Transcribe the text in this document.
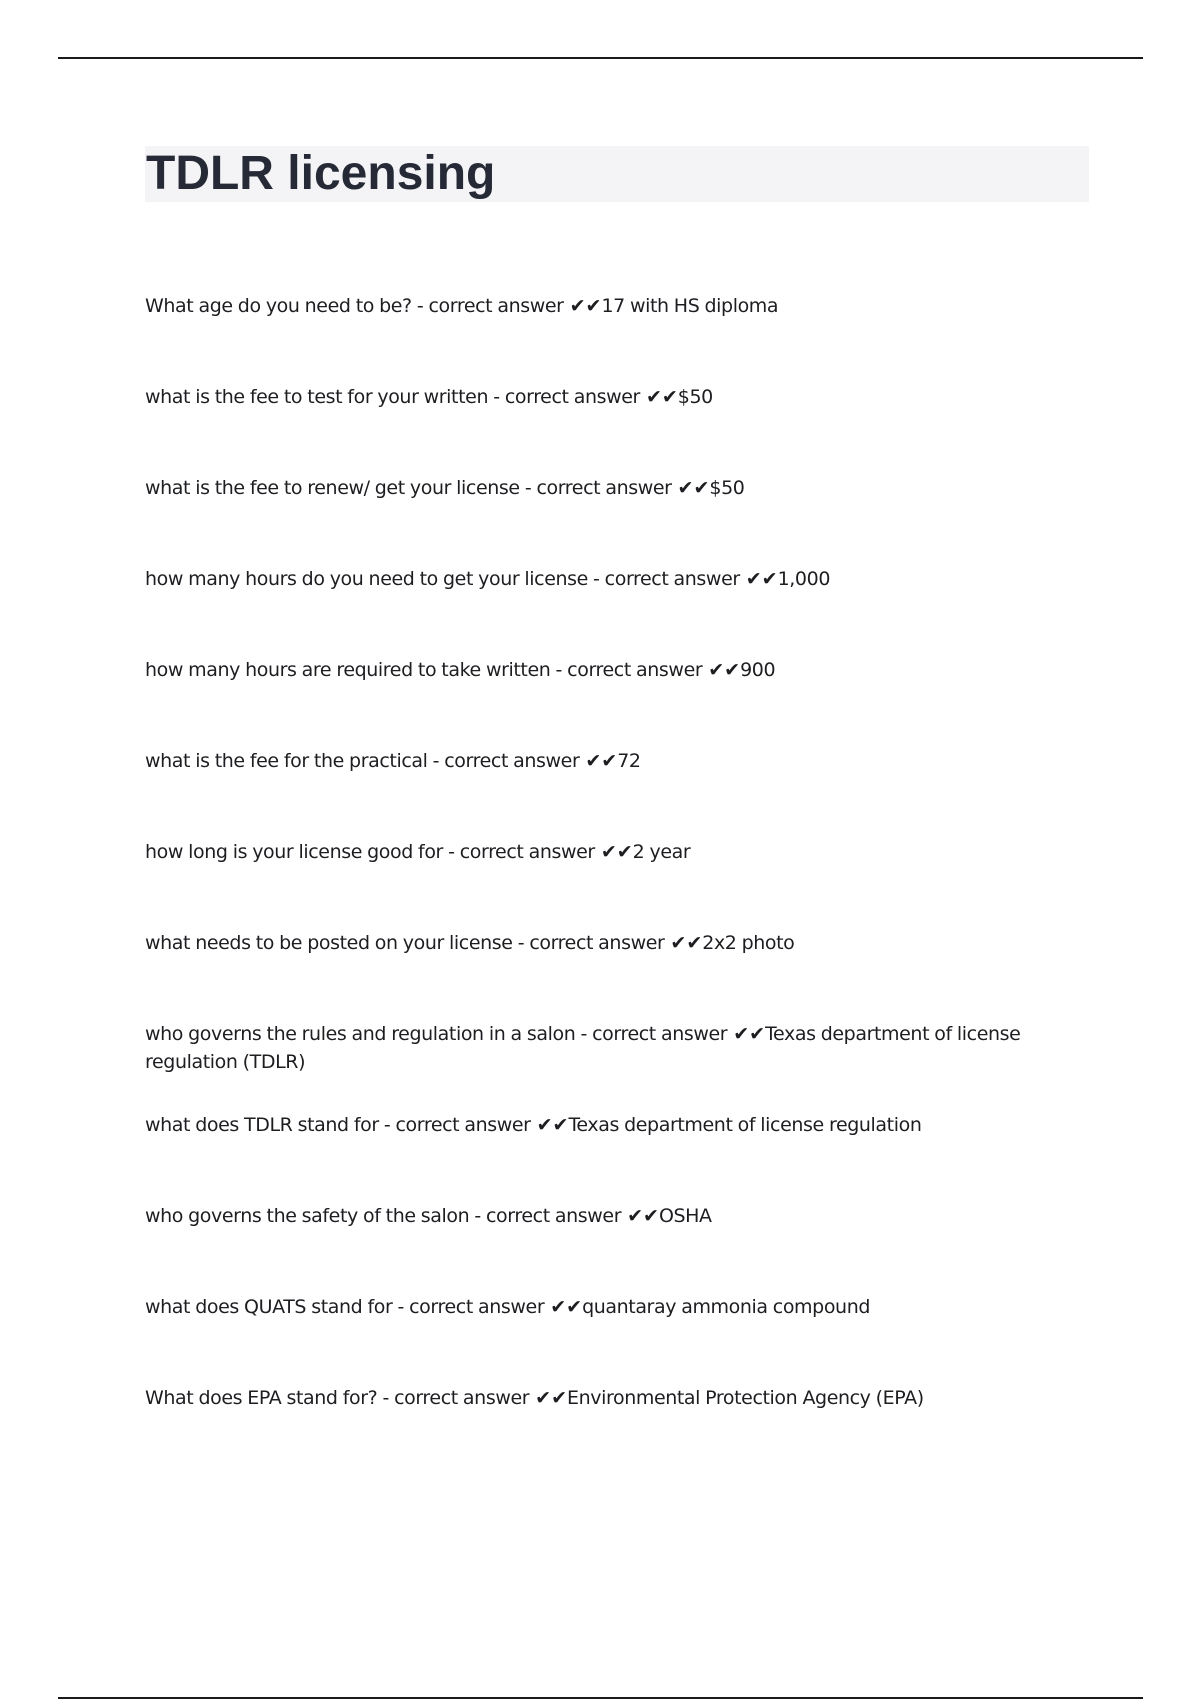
TDLR licensing
What age do you need to be? - correct answer ✔✔17 with HS diploma
what is the fee to test for your written - correct answer ✔✔$50
what is the fee to renew/ get your license - correct answer ✔✔$50
how many hours do you need to get your license - correct answer ✔✔1,000
how many hours are required to take written - correct answer ✔✔900
what is the fee for the practical - correct answer ✔✔72
how long is your license good for - correct answer ✔✔2 year
what needs to be posted on your license - correct answer ✔✔2x2 photo
who governs the rules and regulation in a salon - correct answer ✔✔Texas department of license regulation (TDLR)
what does TDLR stand for - correct answer ✔✔Texas department of license regulation
who governs the safety of the salon - correct answer ✔✔OSHA
what does QUATS stand for - correct answer ✔✔quantaray ammonia compound
What does EPA stand for? - correct answer ✔✔Environmental Protection Agency (EPA)
